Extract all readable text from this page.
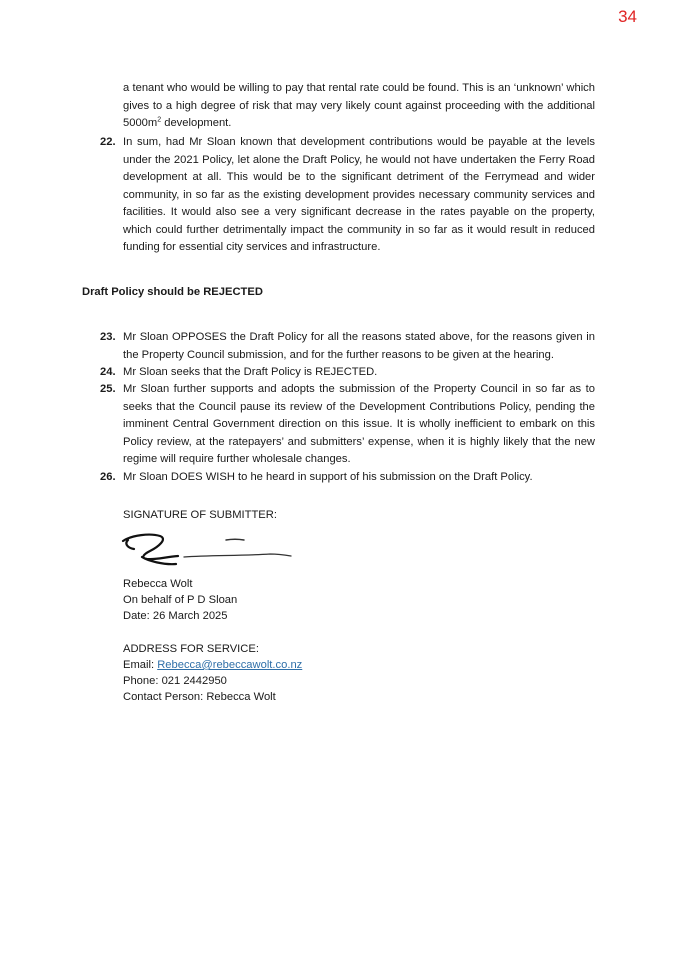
34
a tenant who would be willing to pay that rental rate could be found. This is an ‘unknown’ which gives to a high degree of risk that may very likely count against proceeding with the additional $5000m^2$ development.
22. In sum, had Mr Sloan known that development contributions would be payable at the levels under the 2021 Policy, let alone the Draft Policy, he would not have undertaken the Ferry Road development at all. This would be to the significant detriment of the Ferrymead and wider community, in so far as the existing development provides necessary community services and facilities. It would also see a very significant decrease in the rates payable on the property, which could further detrimentally impact the community in so far as it would result in reduced funding for essential city services and infrastructure.
Draft Policy should be REJECTED
23. Mr Sloan OPPOSES the Draft Policy for all the reasons stated above, for the reasons given in the Property Council submission, and for the further reasons to be given at the hearing.
24. Mr Sloan seeks that the Draft Policy is REJECTED.
25. Mr Sloan further supports and adopts the submission of the Property Council in so far as to seeks that the Council pause its review of the Development Contributions Policy, pending the imminent Central Government direction on this issue. It is wholly inefficient to embark on this Policy review, at the ratepayers’ and submitters’ expense, when it is highly likely that the new regime will require further wholesale changes.
26. Mr Sloan DOES WISH to he heard in support of his submission on the Draft Policy.
SIGNATURE OF SUBMITTER:
Rebecca Wolt
On behalf of P D Sloan
Date: 26 March 2025
ADDRESS FOR SERVICE:
Email: Rebecca@rebeccawolt.co.nz
Phone: 021 2442950
Contact Person: Rebecca Wolt
